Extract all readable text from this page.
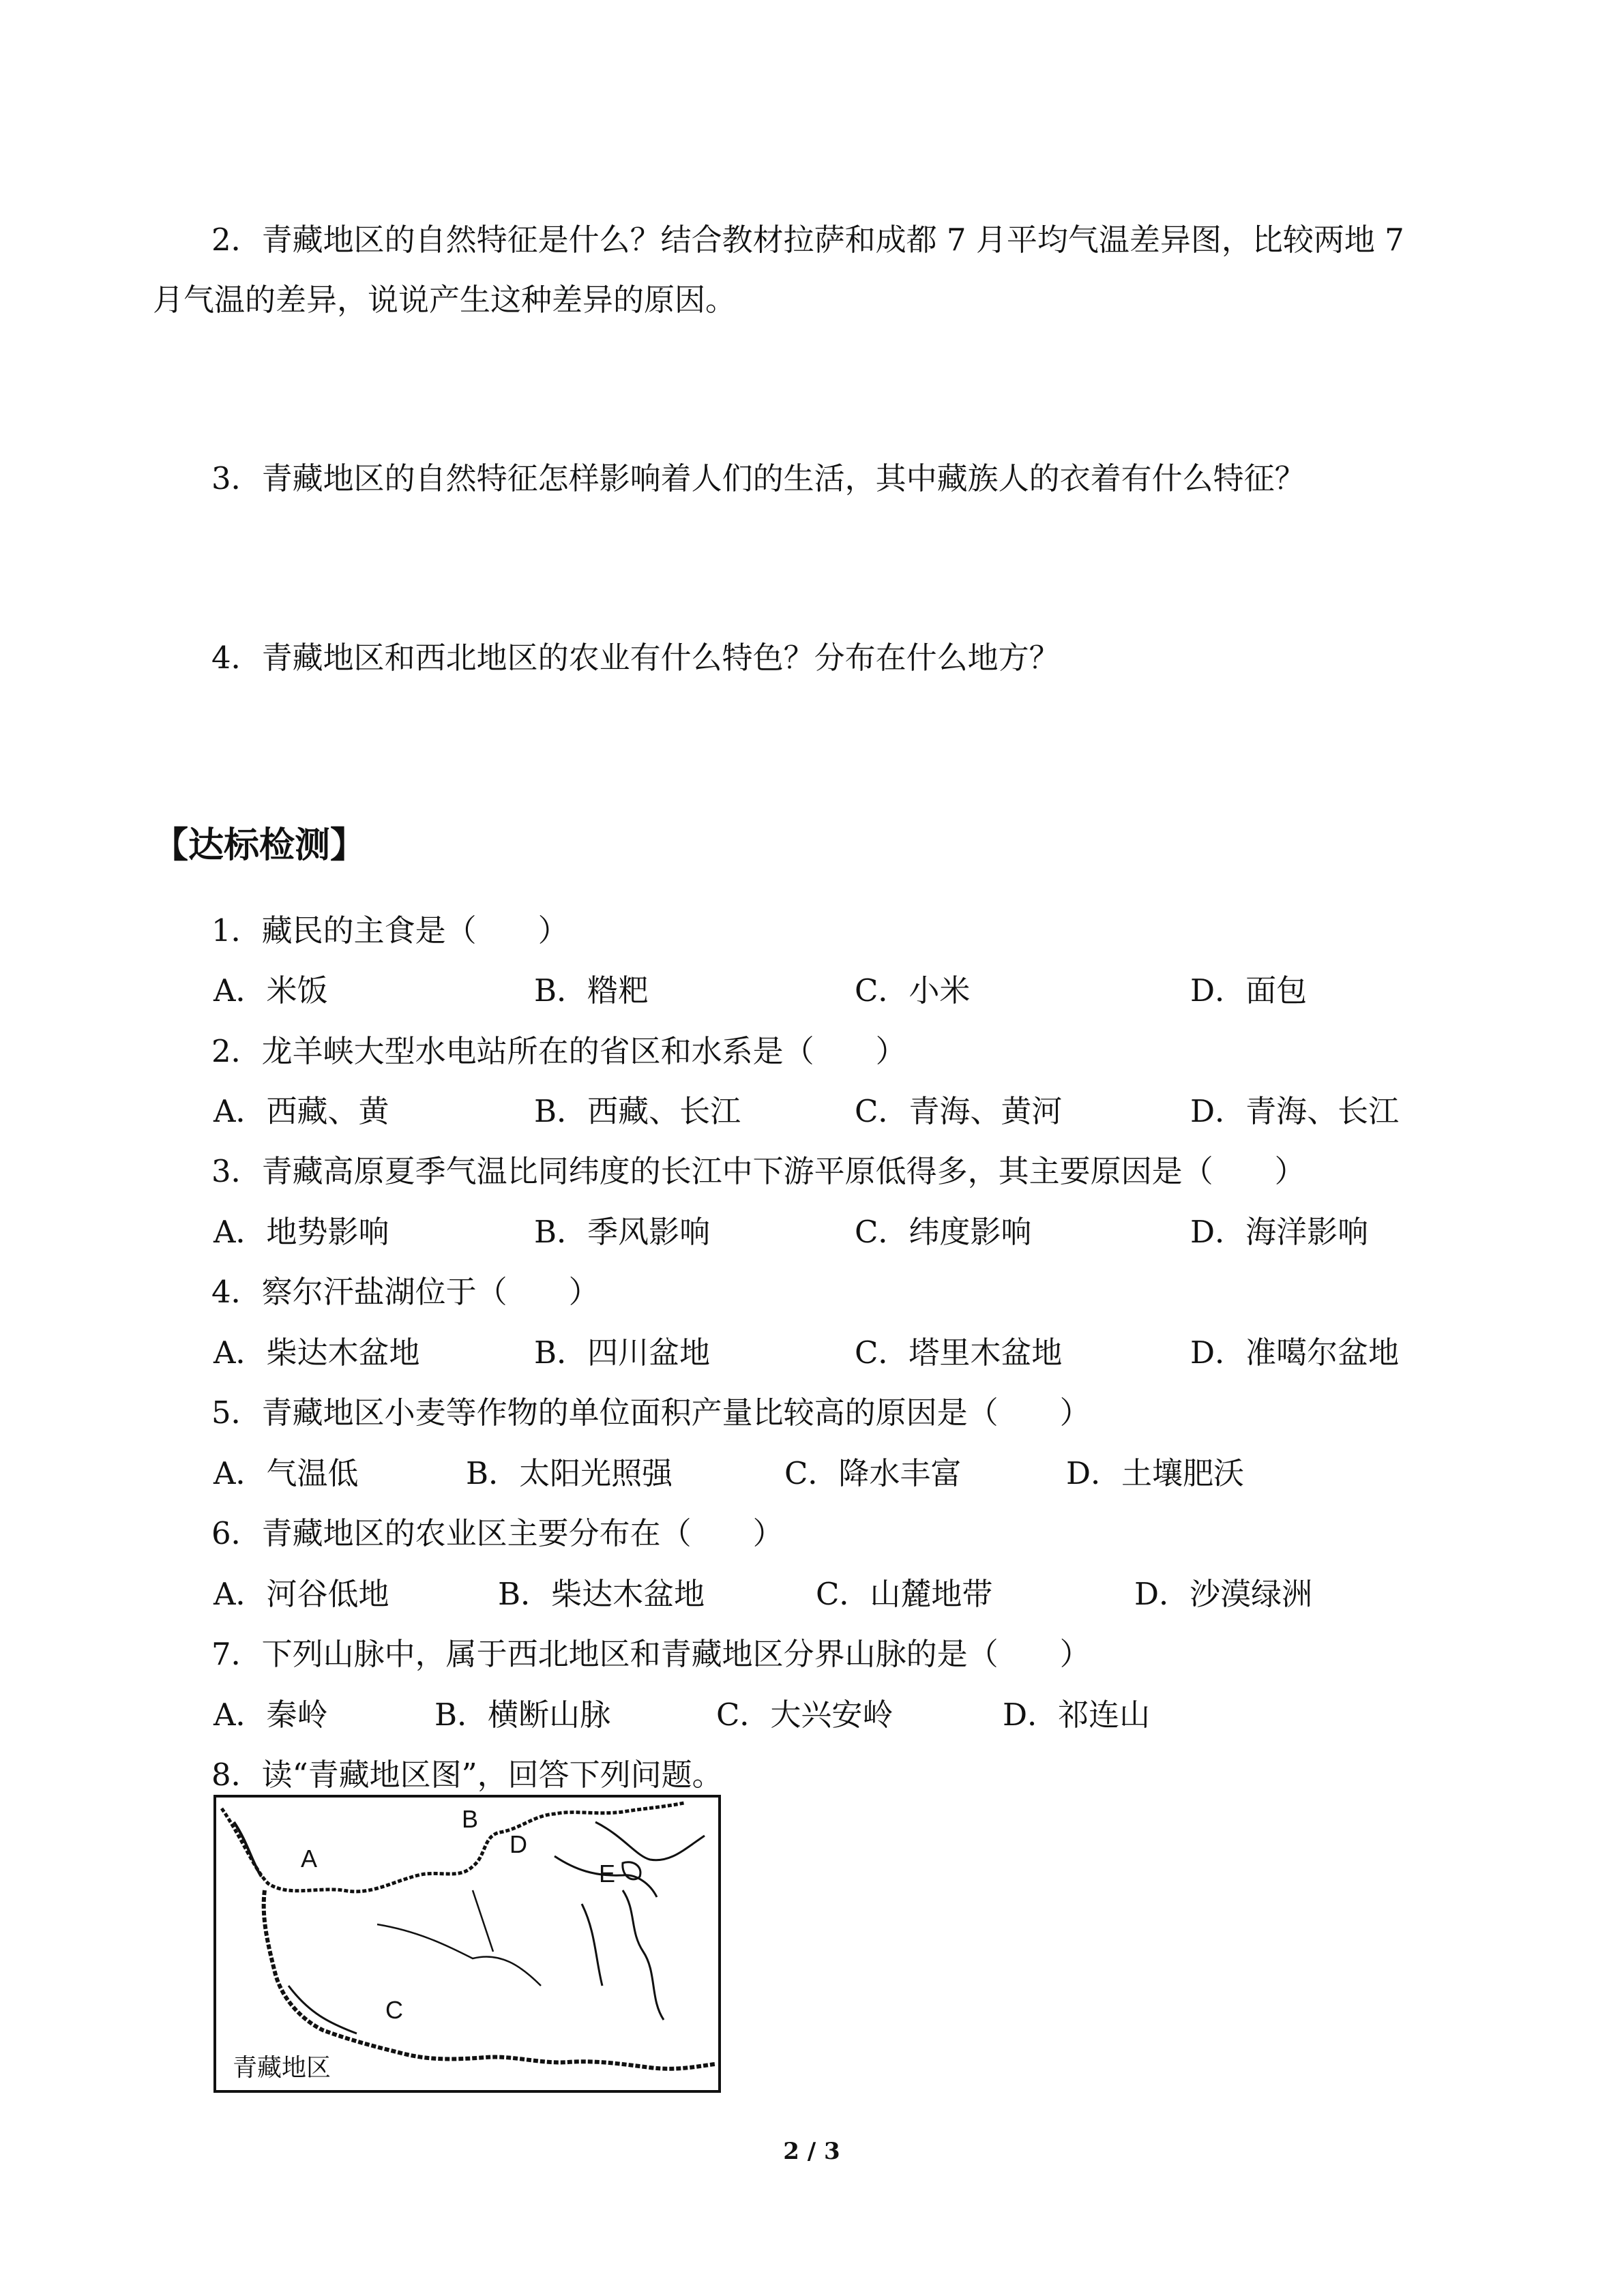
2．青藏地区的自然特征是什么？结合教材拉萨和成都 7 月平均气温差异图，比较两地 7
月气温的差异，说说产生这种差异的原因。
3．青藏地区的自然特征怎样影响着人们的生活，其中藏族人的衣着有什么特征？
4．青藏地区和西北地区的农业有什么特色？分布在什么地方？
【达标检测】
1．藏民的主食是（　　）
A．米饭	B．糌粑	C．小米	D．面包
2．龙羊峡大型水电站所在的省区和水系是（　　）
A．西藏、黄	B．西藏、长江	C．青海、黄河	D．青海、长江
3．青藏高原夏季气温比同纬度的长江中下游平原低得多，其主要原因是（　　）
A．地势影响	B．季风影响	C．纬度影响	D．海洋影响
4．察尔汗盐湖位于（　　）
A．柴达木盆地	B．四川盆地	C．塔里木盆地	D．准噶尔盆地
5．青藏地区小麦等作物的单位面积产量比较高的原因是（　　）
A．气温低	B．太阳光照强	C．降水丰富	D．土壤肥沃
6．青藏地区的农业区主要分布在（　　）
A．河谷低地	B．柴达木盆地	C．山麓地带	D．沙漠绿洲
7．下列山脉中，属于西北地区和青藏地区分界山脉的是（　　）
A．秦岭	B．横断山脉	C．大兴安岭	D．祁连山
8．读“青藏地区图”，回答下列问题。
A
B
D
E
C
青藏地区
2 / 3
